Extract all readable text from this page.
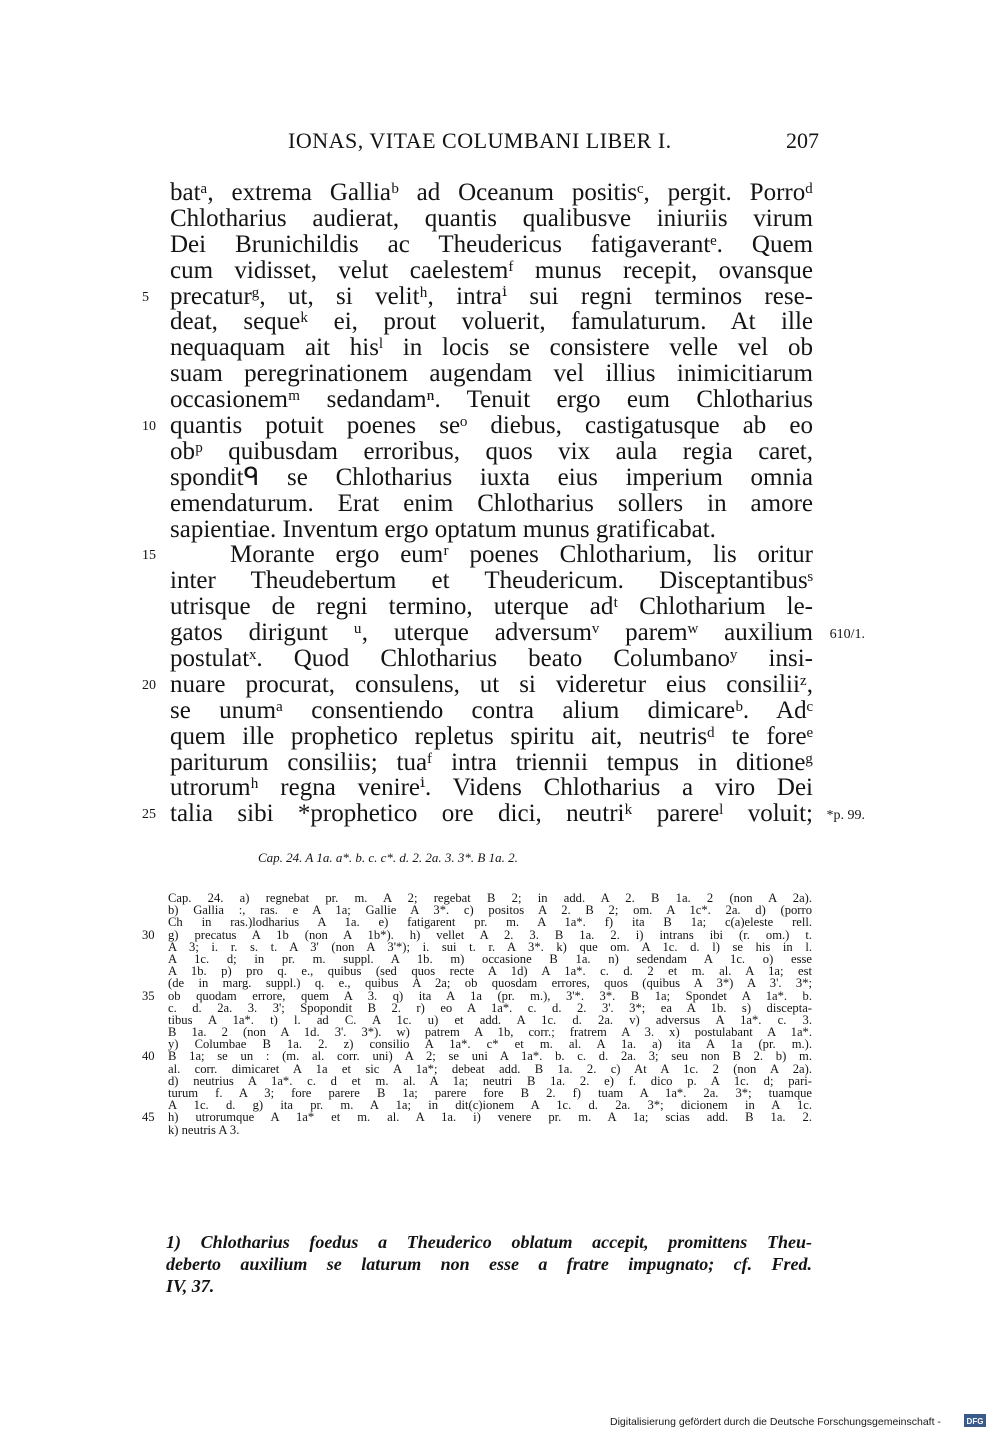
IONAS, VITAE COLUMBANI LIBER I.	207
batᵃ, extrema Galliaᵇ ad Oceanum positisᶜ, pergit. Porroᵈ
Chlotharius audierat, quantis qualibusve iniuriis virum
Dei Brunichildis ac Theudericus fatigaverantᵉ. Quem
cum vidisset, velut caelestemᶠ munus recepit, ovansque
precaturᵍ, ut, si velitʰ, intraⁱ sui regni terminos rese-
5
deat, sequeᵏ ei, prout voluerit, famulaturum. At ille
nequaquam ait hisˡ in locis se consistere velle vel ob
suam peregrinationem augendam vel illius inimicitiarum
occasionemᵐ sedandamⁿ. Tenuit ergo eum Chlotharius
quantis potuit poenes seᵒ diebus, castigatusque ab eo
10
obᵖ quibusdam erroribus, quos vix aula regia caret,
sponditᑫ se Chlotharius iuxta eius imperium omnia
emendaturum. Erat enim Chlotharius sollers in amore
sapientiae. Inventum ergo optatum munus gratificabat.
Morante ergo eumʳ poenes Chlotharium, lis oritur
15
inter Theudebertum et Theudericum. Disceptantibusˢ
utrisque de regni termino, uterque adᵗ Chlotharium le-
gatos dirigunt ᵘ, uterque adversumᵛ paremʷ auxilium 610/1.
postulatˣ. Quod Chlotharius beato Columbanoʸ insi-
nuare procurat, consulens, ut si videretur eius consiliiᶻ,
20
se unumᵃ consentiendo contra alium dimicareᵇ. Adᶜ
quem ille prophetico repletus spiritu ait, neutrisᵈ te foreᵉ
pariturum consiliis; tuaᶠ intra triennii tempus in ditioneᵍ
utrorumʰ regna venireⁱ. Videns Chlotharius a viro Dei
talia sibi *prophetico ore dici, neutriᵏ parereˡ voluit;
25	*p. 99.
Cap. 24. A 1a. a*. b. c. c*. d. 2. 2a. 3. 3*. B 1a. 2.
Cap. 24. a) regnebat pr. m. A 2; regebat B 2; in add. A 2. B 1a. 2 (non A 2a).
b) Gallia :, ras. e A 1a; Gallie A 3*. c) positos A 2. B 2; om. A 1c*. 2a. d) (porro
Ch in ras.)lodharius A 1a. e) fatigarent pr. m. A 1a*. f) ita B 1a; c(a)eleste rell.
g) precatus A 1b (non A 1b*). h) vellet A 2. 3. B 1a. 2. i) intrans ibi (r. om.) t.
30
A 3; i. r. s. t. A 3' (non A 3'*); i. sui t. r. A 3*. k) que om. A 1c. d. l) se his in l.
A 1c. d; in pr. m. suppl. A 1b. m) occasione B 1a. n) sedendam A 1c. o) esse
A 1b. p) pro q. e., quibus (sed quos recte A 1d) A 1a*. c. d. 2 et m. al. A 1a; est
(de in marg. suppl.) q. e., quibus A 2a; ob quosdam errores, quos (quibus A 3*) A 3'. 3*;
ob quodam errore, quem A 3. q) ita A 1a (pr. m.), 3'*. 3*. B 1a; Spondet A 1a*. b.
35
c. d. 2a. 3. 3'; Spopondit B 2. r) eo A 1a*. c. d. 2. 3'. 3*; ea A 1b. s) discepta-
tibus A 1a*. t) l. ad C. A 1c. u) et add. A 1c. d. 2a. v) adversus A 1a*. c. 3.
B 1a. 2 (non A 1d. 3'. 3*). w) patrem A 1b, corr.; fratrem A 3. x) postulabant A 1a*.
y) Columbae B 1a. 2. z) consilio A 1a*. c* et m. al. A 1a. a) ita A 1a (pr. m.).
B 1a; se un : (m. al. corr. uni) A 2; se uni A 1a*. b. c. d. 2a. 3; seu non B 2. b) m.
40
al. corr. dimicaret A 1a et sic A 1a*; debeat add. B 1a. 2. c) At A 1c. 2 (non A 2a).
d) neutrius A 1a*. c. d et m. al. A 1a; neutri B 1a. 2. e) f. dico p. A 1c. d; pari-
turum f. A 3; fore parere B 1a; parere fore B 2. f) tuam A 1a*. 2a. 3*; tuamque
A 1c. d. g) ita pr. m. A 1a; in dit(c)ionem A 1c. d. 2a. 3*; dicionem in A 1c.
h) utrorumque A 1a* et m. al. A 1a. i) venere pr. m. A 1a; scias add. B 1a. 2.
45
k) neutris A 3.
1) Chlotharius foedus a Theuderico oblatum accepit, promittens Theu-
deberto auxilium se laturum non esse a fratre impugnato; cf. Fred.
IV, 37.
Digitalisierung gefördert durch die Deutsche Forschungsgemeinschaft -	DFG
